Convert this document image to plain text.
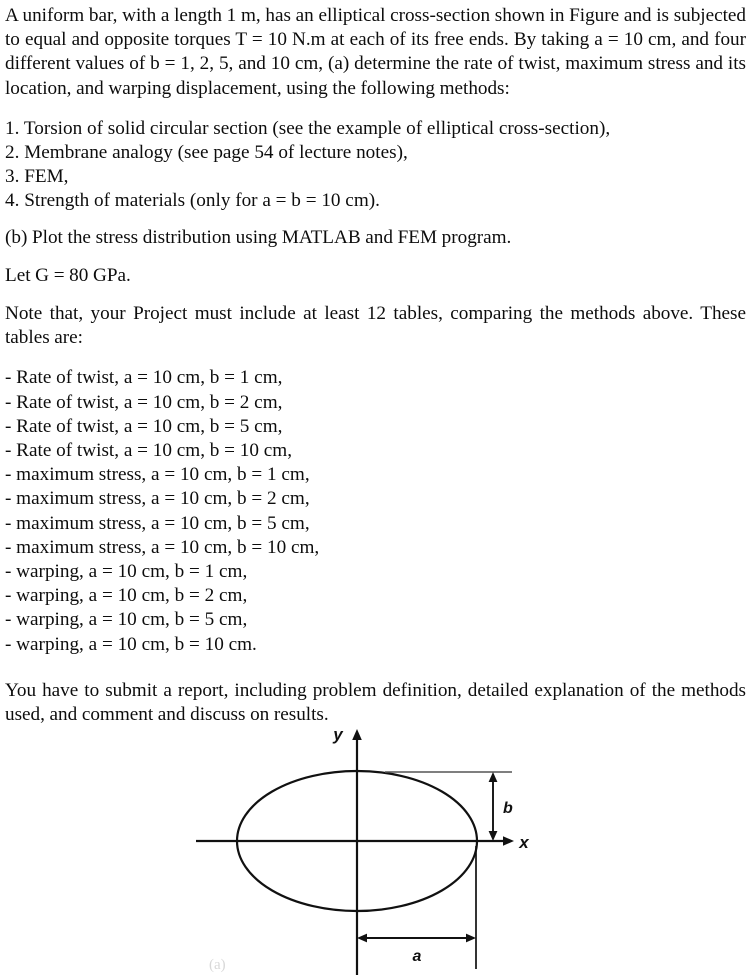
A uniform bar, with a length 1 m, has an elliptical cross-section shown in Figure and is subjected to equal and opposite torques T = 10 N.m at each of its free ends. By taking a = 10 cm, and four different values of b = 1, 2, 5, and 10 cm, (a) determine the rate of twist, maximum stress and its location, and warping displacement, using the following methods:

1. Torsion of solid circular section (see the example of elliptical cross-section),
2. Membrane analogy (see page 54 of lecture notes),
3. FEM,
4. Strength of materials (only for a = b = 10 cm).

(b) Plot the stress distribution using MATLAB and FEM program.

Let G = 80 GPa.

Note that, your Project must include at least 12 tables, comparing the methods above. These tables are:

- Rate of twist, a = 10 cm, b = 1 cm,
- Rate of twist, a = 10 cm, b = 2 cm,
- Rate of twist, a = 10 cm, b = 5 cm,
- Rate of twist, a = 10 cm, b = 10 cm,
- maximum stress, a = 10 cm, b = 1 cm,
- maximum stress, a = 10 cm, b = 2 cm,
- maximum stress, a = 10 cm, b = 5 cm,
- maximum stress, a = 10 cm, b = 10 cm,
- warping, a = 10 cm, b = 1 cm,
- warping, a = 10 cm, b = 2 cm,
- warping, a = 10 cm, b = 5 cm,
- warping, a = 10 cm, b = 10 cm.

You have to submit a report, including problem definition, detailed explanation of the methods used, and comment and discuss on results.

y
x
b
a
(a)
